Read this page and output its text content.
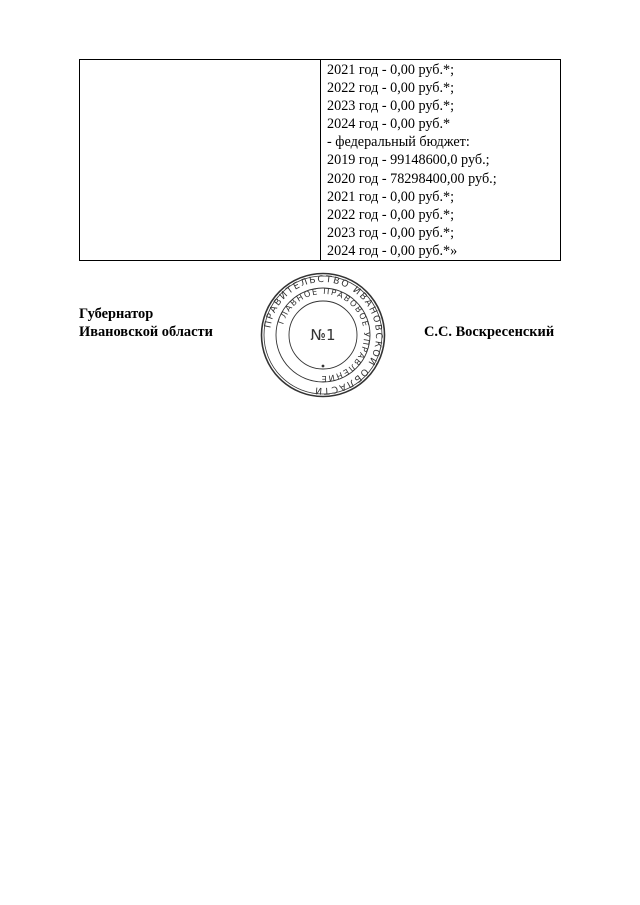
2021 год - 0,00 руб.*;
2022 год - 0,00 руб.*;
2023 год - 0,00 руб.*;
2024 год - 0,00 руб.*
- федеральный бюджет:
2019 год - 99148600,0 руб.;
2020 год - 78298400,00 руб.;
2021 год - 0,00 руб.*;
2022 год - 0,00 руб.*;
2023 год - 0,00 руб.*;
2024 год - 0,00 руб.*»
Губернатор
Ивановской области
ПРАВИТЕЛЬСТВО ИВАНОВСКОЙ ОБЛАСТИ
ГЛАВНОЕ ПРАВОВОЕ УПРАВЛЕНИЕ
№1	С.С. Воскресенский
